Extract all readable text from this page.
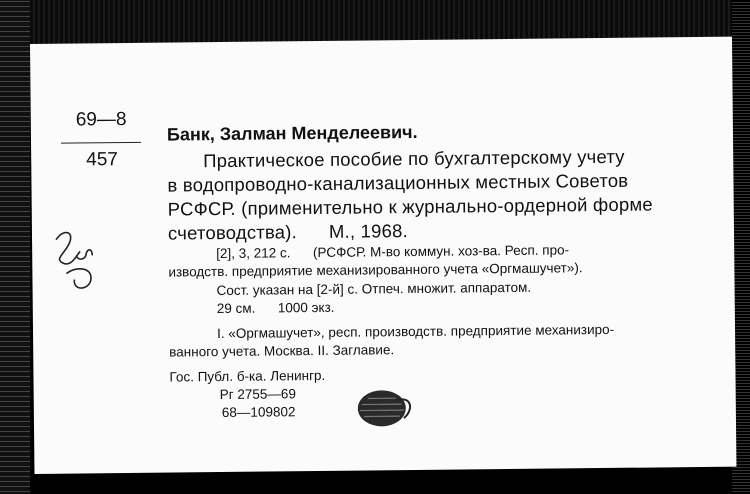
69—8
457
Банк, Залман Менделеевич.
Практическое пособие по бухгалтерскому учету
в водопроводно-канализационных местных Советов
РСФСР. (применительно к журнально-ордерной форме
счетоводства).      М., 1968.
[2], 3, 212 с.      (РСФСР. М-во коммун. хоз-ва. Респ. про-
изводств. предприятие механизированного учета «Оргмашучет»).
Сост. указан на [2-й] с. Отпеч. множит. аппаратом.
29 см.      1000 экз.
I. «Оргмашучет», респ. производств. предприятие механизиро-
ванного учета. Москва. II. Заглавие.
Гос. Публ. б-ка. Ленингр.
Рг 2755—69
68—109802
